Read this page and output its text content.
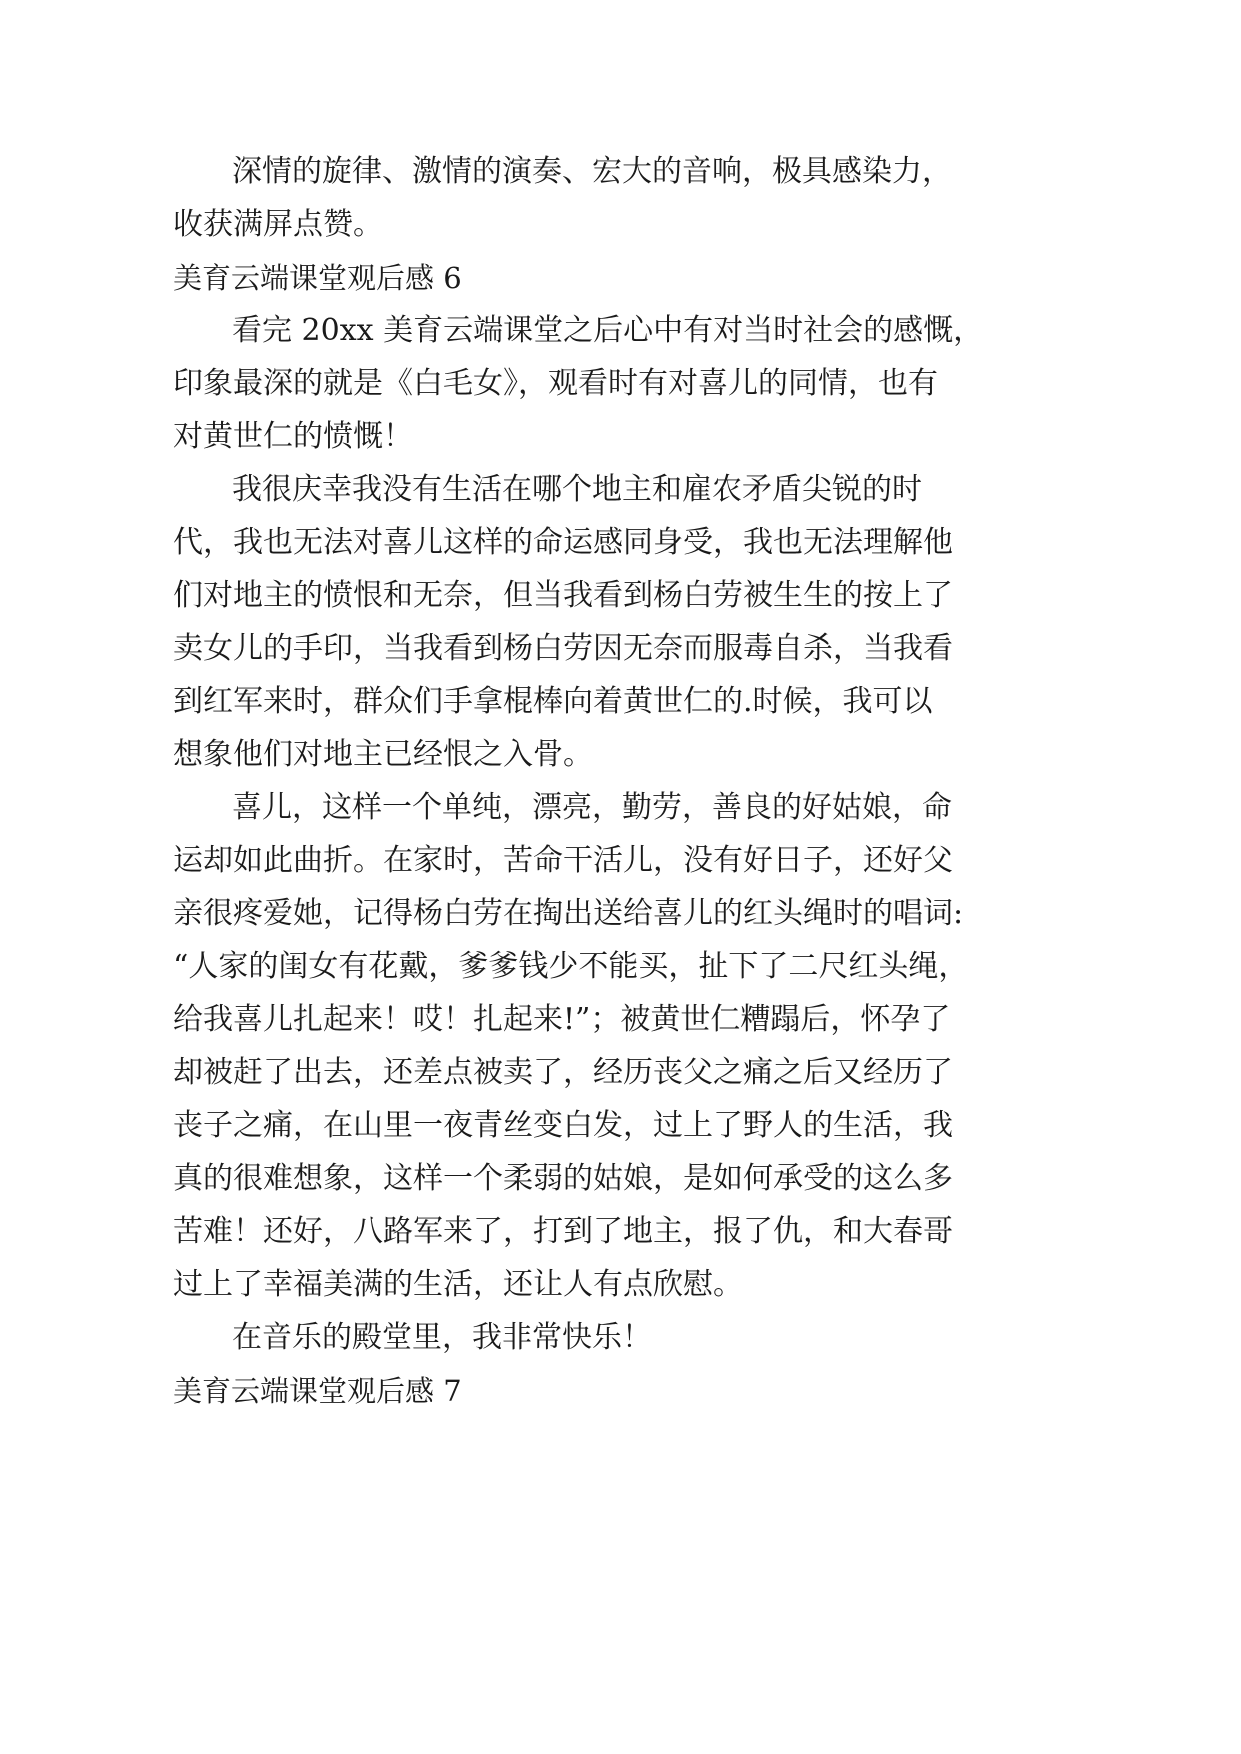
深情的旋律、激情的演奏、宏大的音响，极具感染力，
收获满屏点赞。
美育云端课堂观后感 6
看完 20xx 美育云端课堂之后心中有对当时社会的感慨，
印象最深的就是《白毛女》，观看时有对喜儿的同情，也有
对黄世仁的愤慨！
我很庆幸我没有生活在哪个地主和雇农矛盾尖锐的时
代，我也无法对喜儿这样的命运感同身受，我也无法理解他
们对地主的愤恨和无奈，但当我看到杨白劳被生生的按上了
卖女儿的手印，当我看到杨白劳因无奈而服毒自杀，当我看
到红军来时，群众们手拿棍棒向着黄世仁的.时候，我可以
想象他们对地主已经恨之入骨。
喜儿，这样一个单纯，漂亮，勤劳，善良的好姑娘，命
运却如此曲折。在家时，苦命干活儿，没有好日子，还好父
亲很疼爱她，记得杨白劳在掏出送给喜儿的红头绳时的唱词:
“人家的闺女有花戴，爹爹钱少不能买，扯下了二尺红头绳，
给我喜儿扎起来！哎！扎起来!”；被黄世仁糟蹋后，怀孕了
却被赶了出去，还差点被卖了，经历丧父之痛之后又经历了
丧子之痛，在山里一夜青丝变白发，过上了野人的生活，我
真的很难想象，这样一个柔弱的姑娘，是如何承受的这么多
苦难！还好，八路军来了，打到了地主，报了仇，和大春哥
过上了幸福美满的生活，还让人有点欣慰。
在音乐的殿堂里，我非常快乐！
美育云端课堂观后感 7
